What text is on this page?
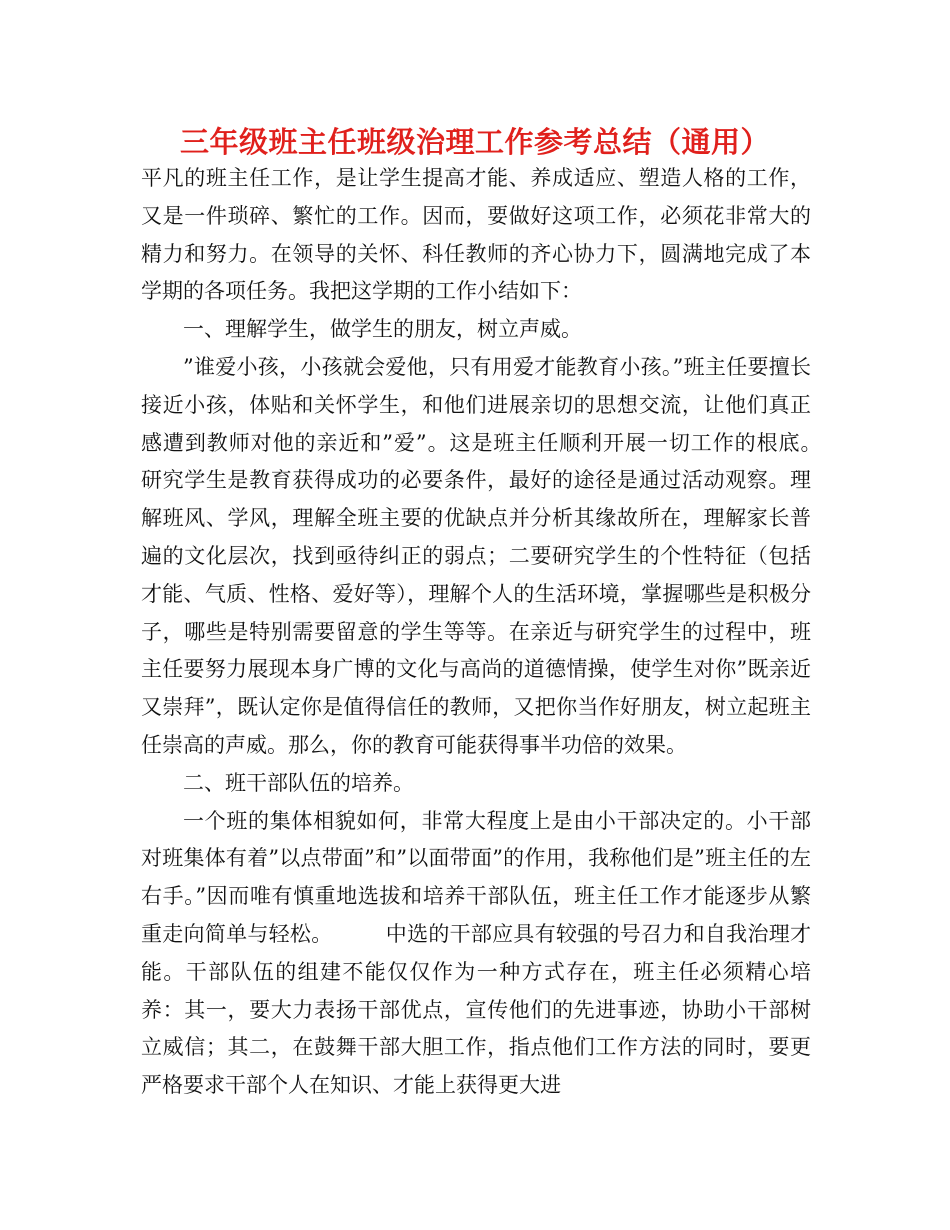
三年级班主任班级治理工作参考总结（通用）

平凡的班主任工作，是让学生提高才能、养成适应、塑造人格的工作，又是一件琐碎、繁忙的工作。因而，要做好这项工作，必须花非常大的精力和努力。在领导的关怀、科任教师的齐心协力下，圆满地完成了本学期的各项任务。我把这学期的工作小结如下：

一、理解学生，做学生的朋友，树立声威。

”谁爱小孩，小孩就会爱他，只有用爱才能教育小孩。”班主任要擅长接近小孩，体贴和关怀学生，和他们进展亲切的思想交流，让他们真正感遭到教师对他的亲近和”爱”。这是班主任顺利开展一切工作的根底。　　研究学生是教育获得成功的必要条件，最好的途径是通过活动观察。理解班风、学风，理解全班主要的优缺点并分析其缘故所在，理解家长普遍的文化层次，找到亟待纠正的弱点；二要研究学生的个性特征（包括才能、气质、性格、爱好等），理解个人的生活环境，掌握哪些是积极分子，哪些是特别需要留意的学生等等。在亲近与研究学生的过程中，班主任要努力展现本身广博的文化与高尚的道德情操，使学生对你”既亲近又崇拜”，既认定你是值得信任的教师，又把你当作好朋友，树立起班主任崇高的声威。那么，你的教育可能获得事半功倍的效果。

二、班干部队伍的培养。

一个班的集体相貌如何，非常大程度上是由小干部决定的。小干部对班集体有着”以点带面”和”以面带面”的作用，我称他们是”班主任的左右手。”因而唯有慎重地选拔和培养干部队伍，班主任工作才能逐步从繁重走向简单与轻松。　　　中选的干部应具有较强的号召力和自我治理才能。干部队伍的组建不能仅仅作为一种方式存在，班主任必须精心培养：其一，要大力表扬干部优点，宣传他们的先进事迹，协助小干部树立威信；其二，在鼓舞干部大胆工作，指点他们工作方法的同时，要更严格要求干部个人在知识、才能上获得更大进
